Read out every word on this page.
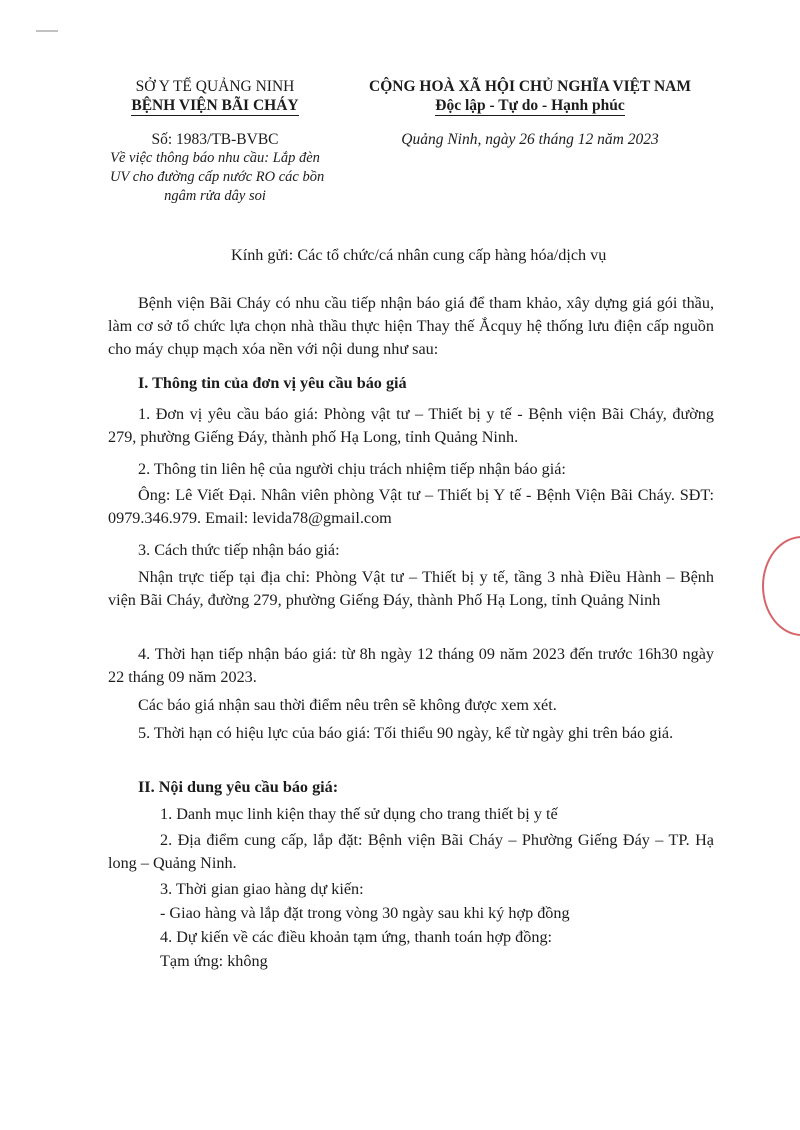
SỞ Y TẾ QUẢNG NINH
BỆNH VIỆN BÃI CHÁY
Số: 1983/TB-BVBC
Về việc thông báo nhu cầu: Lắp đèn
UV cho đường cấp nước RO các bồn
ngâm rửa dây soi
CỘNG HOÀ XÃ HỘI CHỦ NGHĨA VIỆT NAM
Độc lập - Tự do - Hạnh phúc
Quảng Ninh, ngày 26 tháng 12 năm 2023
Kính gửi: Các tổ chức/cá nhân cung cấp hàng hóa/dịch vụ

Bệnh viện Bãi Cháy có nhu cầu tiếp nhận báo giá để tham khảo, xây dựng giá gói thầu, làm cơ sở tổ chức lựa chọn nhà thầu thực hiện Thay thế Ắcquy hệ thống lưu điện cấp nguồn cho máy chụp mạch xóa nền với nội dung như sau:

I. Thông tin của đơn vị yêu cầu báo giá

1. Đơn vị yêu cầu báo giá: Phòng vật tư – Thiết bị y tế - Bệnh viện Bãi Cháy, đường 279, phường Giếng Đáy, thành phố Hạ Long, tỉnh Quảng Ninh.

2. Thông tin liên hệ của người chịu trách nhiệm tiếp nhận báo giá:

Ông: Lê Viết Đại. Nhân viên phòng Vật tư – Thiết bị Y tế - Bệnh Viện Bãi Cháy. SĐT: 0979.346.979. Email: levida78@gmail.com

3. Cách thức tiếp nhận báo giá:

Nhận trực tiếp tại địa chỉ: Phòng Vật tư – Thiết bị y tế, tầng 3 nhà Điều Hành – Bệnh viện Bãi Cháy, đường 279, phường Giếng Đáy, thành Phố Hạ Long, tỉnh Quảng Ninh

4. Thời hạn tiếp nhận báo giá: từ 8h ngày 12 tháng 09 năm 2023 đến trước 16h30 ngày 22 tháng 09 năm 2023.

Các báo giá nhận sau thời điểm nêu trên sẽ không được xem xét.

5. Thời hạn có hiệu lực của báo giá: Tối thiểu 90 ngày, kể từ ngày ghi trên báo giá.

II. Nội dung yêu cầu báo giá:
1. Danh mục linh kiện thay thế sử dụng cho trang thiết bị y tế

2. Địa điểm cung cấp, lắp đặt: Bệnh viện Bãi Cháy – Phường Giếng Đáy – TP. Hạ long – Quảng Ninh.

3. Thời gian giao hàng dự kiến:
- Giao hàng và lắp đặt trong vòng 30 ngày sau khi ký hợp đồng
4. Dự kiến về các điều khoản tạm ứng, thanh toán hợp đồng:
Tạm ứng: không
